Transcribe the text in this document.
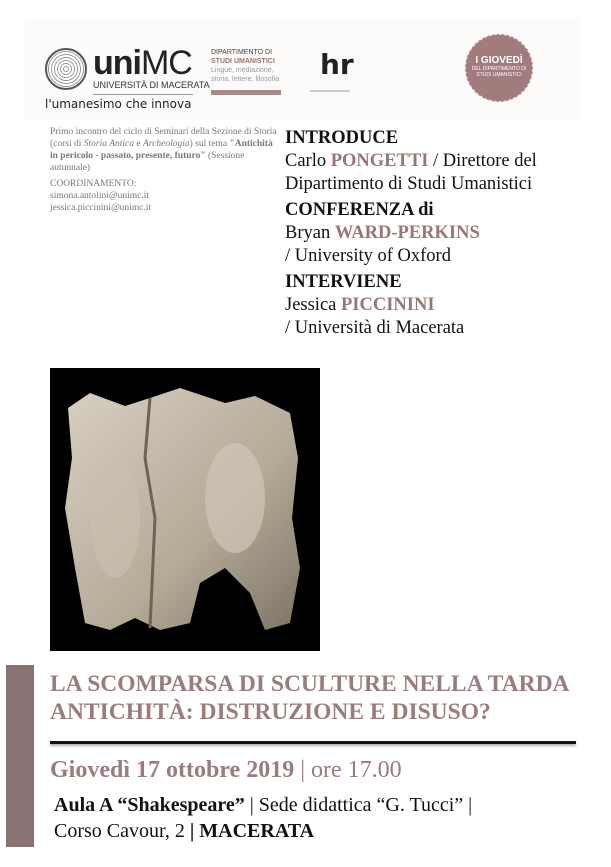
uniMC
UNIVERSITÀ DI MACERATA
l'umanesimo che innova
DIPARTIMENTO DI
STUDI UMANISTICI
Lingue, mediazione,
storia, lettere, filosofia hr	I GIOVEDÌ
DEL DIPARTIMENTO DI
STUDI UMANISTICI

Primo incontro del ciclo di Seminari della Sezione di Storia (corsi di Storia Antica e Archeologia) sul tema "Antichità in pericolo - passato, presente, futuro" (Sessione autunnale)

COORDINAMENTO:
simona.antolini@unimc.it
jessica.piccinini@unimc.it
INTRODUCE
Carlo PONGETTI / Direttore del Dipartimento di Studi Umanistici
CONFERENZA di
Bryan WARD-PERKINS
/ University of Oxford
INTERVIENE
Jessica PICCININI
/ Università di Macerata
LA SCOMPARSA DI SCULTURE NELLA TARDA ANTICHITÀ: DISTRUZIONE E DISUSO?
Giovedì 17 ottobre 2019 | ore 17.00
Aula A “Shakespeare” | Sede didattica “G. Tucci” |
Corso Cavour, 2 | MACERATA
